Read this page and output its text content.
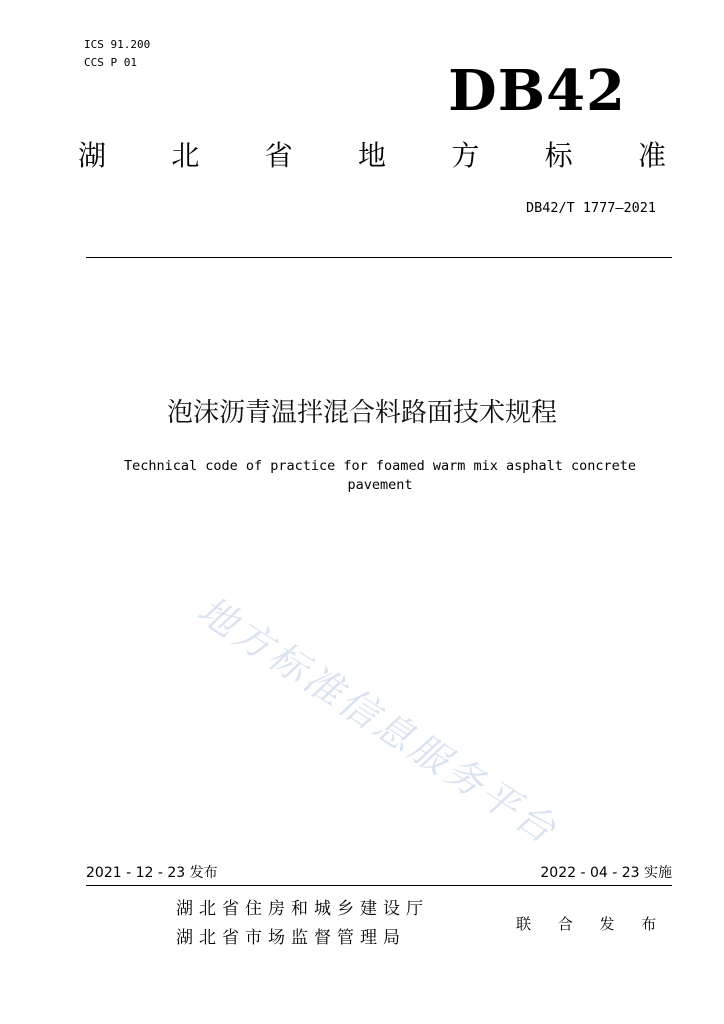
ICS 91.200
CCS P 01	DB42
湖 北 省 地 方 标 准
DB42/T 1777—2021
泡沫沥青温拌混合料路面技术规程
Technical code of practice for foamed warm mix asphalt concrete pavement
地方标准信息服务平台
2021 - 12 - 23 发布	2022 - 04 - 23 实施
湖北省住房和城乡建设厅
湖北省市场监督管理局
联 合 发 布
